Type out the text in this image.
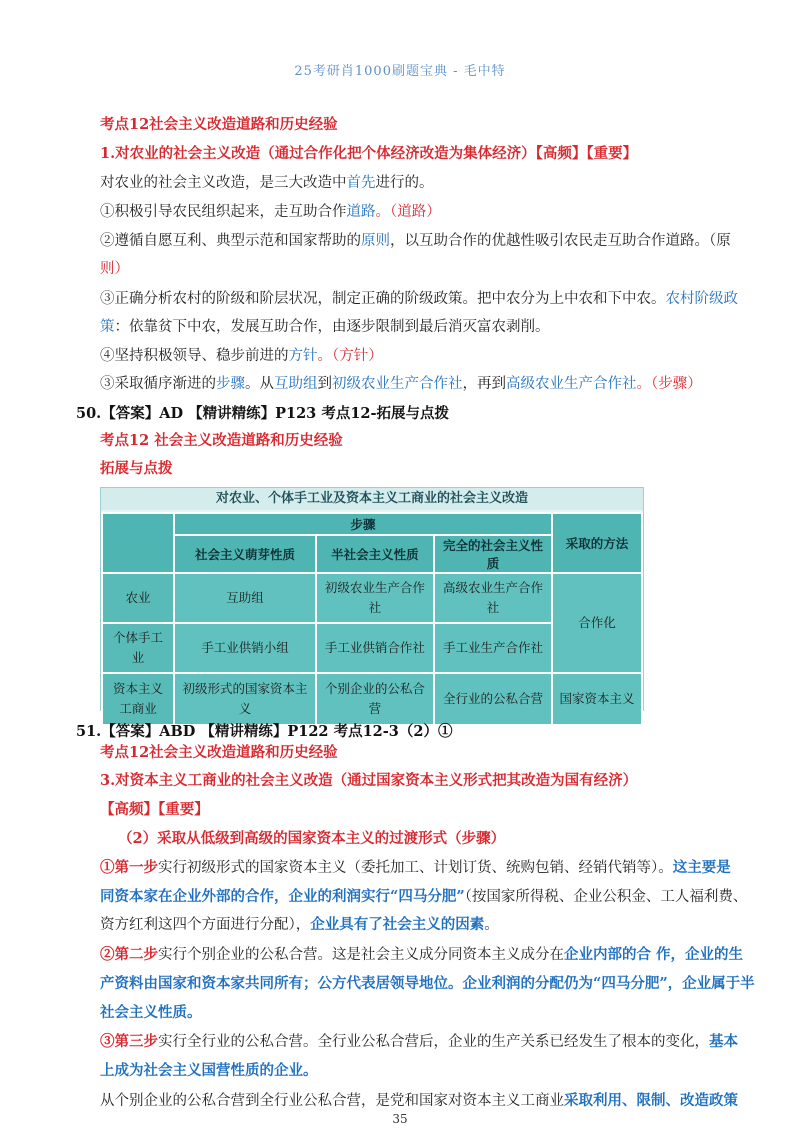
25考研肖1000刷题宝典 - 毛中特
考点12社会主义改造道路和历史经验
1.对农业的社会主义改造（通过合作化把个体经济改造为集体经济）【高频】【重要】
对农业的社会主义改造，是三大改造中首先进行的。
①积极引导农民组织起来，走互助合作道路。（道路）
②遵循自愿互利、典型示范和国家帮助的原则，以互助合作的优越性吸引农民走互助合作道路。（原
则）
③正确分析农村的阶级和阶层状况，制定正确的阶级政策。把中农分为上中农和下中农。农村阶级政
策：依靠贫下中农，发展互助合作，由逐步限制到最后消灭富农剥削。
④坚持积极领导、稳步前进的方针。（方针）
③采取循序渐进的步骤。从互助组到初级农业生产合作社，再到高级农业生产合作社。（步骤）
50.【答案】AD 【精讲精练】P123 考点12-拓展与点拨
考点12 社会主义改造道路和历史经验
拓展与点拨
对农业、个体手工业及资本主义工商业的社会主义改造
	步骤			采取的方法
	社会主义萌芽性质	半社会主义性质	完全的社会主义性质	
农业	互助组	初级农业生产合作社	高级农业生产合作社	合作化
个体手工业	手工业供销小组	手工业供销合作社	手工业生产合作社	
资本主义工商业	初级形式的国家资本主义	个别企业的公私合营	全行业的公私合营	国家资本主义
51.【答案】ABD 【精讲精练】P122 考点12-3（2）①
考点12社会主义改造道路和历史经验
3.对资本主义工商业的社会主义改造（通过国家资本主义形式把其改造为国有经济）
【高频】【重要】
（2）采取从低级到高级的国家资本主义的过渡形式（步骤）
①第一步实行初级形式的国家资本主义（委托加工、计划订货、统购包销、经销代销等）。这主要是
同资本家在企业外部的合作，企业的利润实行“四马分肥”（按国家所得税、企业公积金、工人福利费、
资方红利这四个方面进行分配），企业具有了社会主义的因素。
②第二步实行个别企业的公私合营。这是社会主义成分同资本主义成分在企业内部的合 作，企业的生
产资料由国家和资本家共同所有；公方代表居领导地位。企业利润的分配仍为“四马分肥”，企业属于半
社会主义性质。
③第三步实行全行业的公私合营。全行业公私合营后，企业的生产关系已经发生了根本的变化，基本
上成为社会主义国营性质的企业。
从个别企业的公私合营到全行业公私合营，是党和国家对资本主义工商业采取利用、限制、改造政策
35
